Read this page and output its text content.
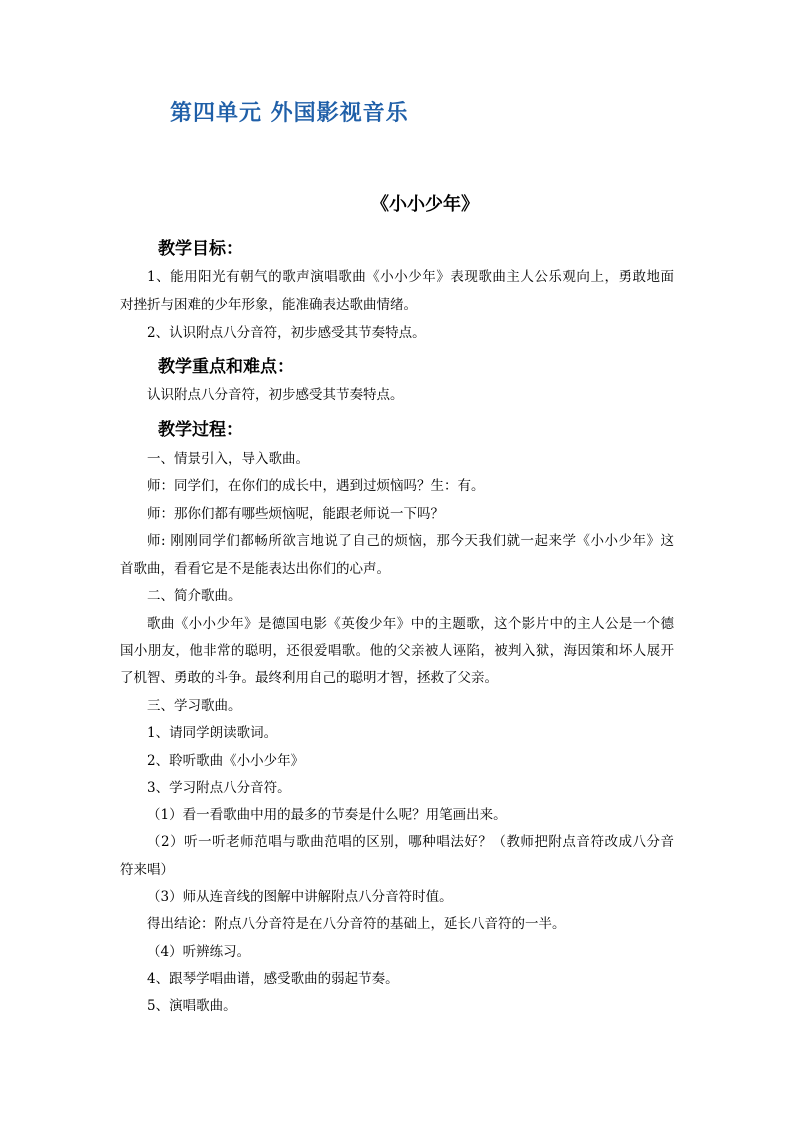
第四单元 外国影视音乐
《小小少年》
教学目标：
1、能用阳光有朝气的歌声演唱歌曲《小小少年》表现歌曲主人公乐观向上，勇敢地面
对挫折与困难的少年形象，能准确表达歌曲情绪。
2、认识附点八分音符，初步感受其节奏特点。
教学重点和难点：
认识附点八分音符，初步感受其节奏特点。
教学过程：
一、情景引入，导入歌曲。
师：同学们，在你们的成长中，遇到过烦恼吗？生：有。
师：那你们都有哪些烦恼呢，能跟老师说一下吗？
师: 刚刚同学们都畅所欲言地说了自己的烦恼，那今天我们就一起来学《小小少年》这
首歌曲，看看它是不是能表达出你们的心声。
二、简介歌曲。
歌曲《小小少年》是德国电影《英俊少年》中的主题歌，这个影片中的主人公是一个德
国小朋友，他非常的聪明，还很爱唱歌。他的父亲被人诬陷，被判入狱，海因策和坏人展开
了机智、勇敢的斗争。最终利用自己的聪明才智，拯救了父亲。
三、学习歌曲。
1、请同学朗读歌词。
2、聆听歌曲《小小少年》
3、学习附点八分音符。
（1）看一看歌曲中用的最多的节奏是什么呢？用笔画出来。
（2）听一听老师范唱与歌曲范唱的区别，哪种唱法好？（教师把附点音符改成八分音
符来唱）
（3）师从连音线的图解中讲解附点八分音符时值。
得出结论：附点八分音符是在八分音符的基础上，延长八音符的一半。
（4）听辨练习。
4、跟琴学唱曲谱，感受歌曲的弱起节奏。
5、演唱歌曲。
